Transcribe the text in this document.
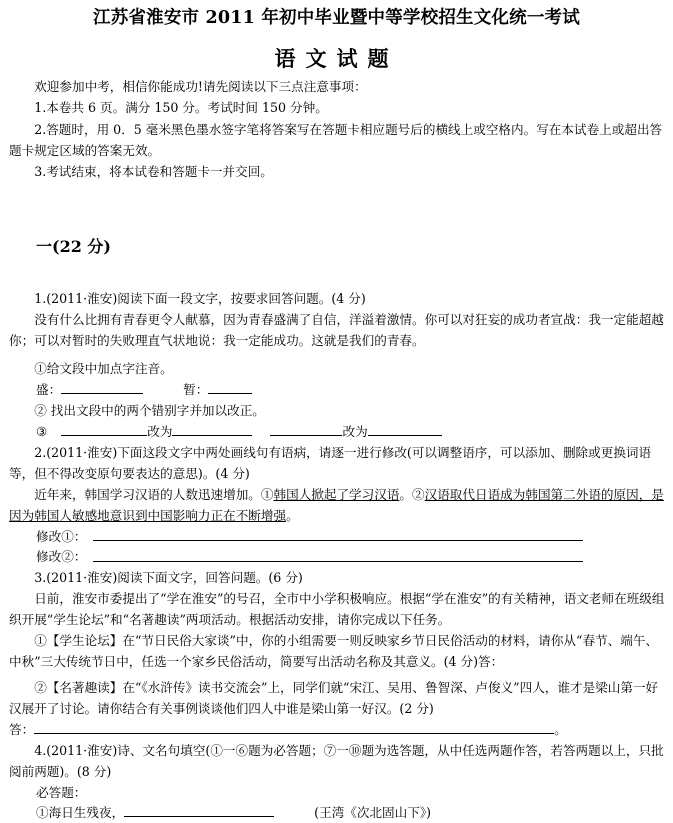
江苏省淮安市 2011 年初中毕业暨中等学校招生文化统一考试
语文试题
欢迎参加中考，相信你能成功!请先阅读以下三点注意事项：
1.本卷共 6 页。满分 150 分。考试时间 150 分钟。
2.答题时，用 0．5 毫米黑色墨水签字笔将答案写在答题卡相应题号后的横线上或空格内。写在本试卷上或超出答题卡规定区域的答案无效。
3.考试结束，将本试卷和答题卡一并交回。
一(22 分)
1.(2011·淮安)阅读下面一段文字，按要求回答问题。(4 分)
没有什么比拥有青春更令人献慕，因为青春盛满了自信，洋溢着激情。你可以对狂妄的成功者宣战：我一定能超越你；可以对暂时的失败理直气状地说：我一定能成功。这就是我们的青春。
①给文段中加点字注音。
盛：	暂：
② 找出文段中的两个错别字并加以改正。
③	改为	改为
2.(2011·淮安)下面这段文字中两处画线句有语病，请逐一进行修改(可以调整语序，可以添加、删除或更换词语等，但不得改变原句要表达的意思)。(4 分)
近年来，韩国学习汉语的人数迅速增加。①韩国人掀起了学习汉语。②汉语取代日语成为韩国第二外语的原因，是因为韩国人敏感地意识到中国影响力正在不断增强。
修改①：
修改②：
3.(2011·淮安)阅读下面文字，回答问题。(6 分)
日前，淮安市委提出了“学在淮安”的号召，全市中小学积极响应。根据“学在淮安”的有关精神，语文老师在班级组织开展“学生论坛”和“名著趣读”两项活动。根据活动安排，请你完成以下任务。
①【学生论坛】在“节日民俗大家谈”中，你的小组需要一则反映家乡节日民俗活动的材料，请你从“春节、端午、中秋”三大传统节日中，任选一个家乡民俗活动，简要写出活动名称及其意义。(4 分)答：
②【名著趣读】在“《水浒传》读书交流会”上，同学们就“宋江、吴用、鲁智深、卢俊义”四人，谁才是梁山第一好汉展开了讨论。请你结合有关事例谈谈他们四人中谁是梁山第一好汉。(2 分)
答：	。
4.(2011·淮安)诗、文名句填空(①一⑥题为必答题；⑦一⑩题为选答题，从中任选两题作答，若答两题以上，只批阅前两题)。(8 分)
必答题：
①海日生残夜，	(王湾《次北固山下》)
